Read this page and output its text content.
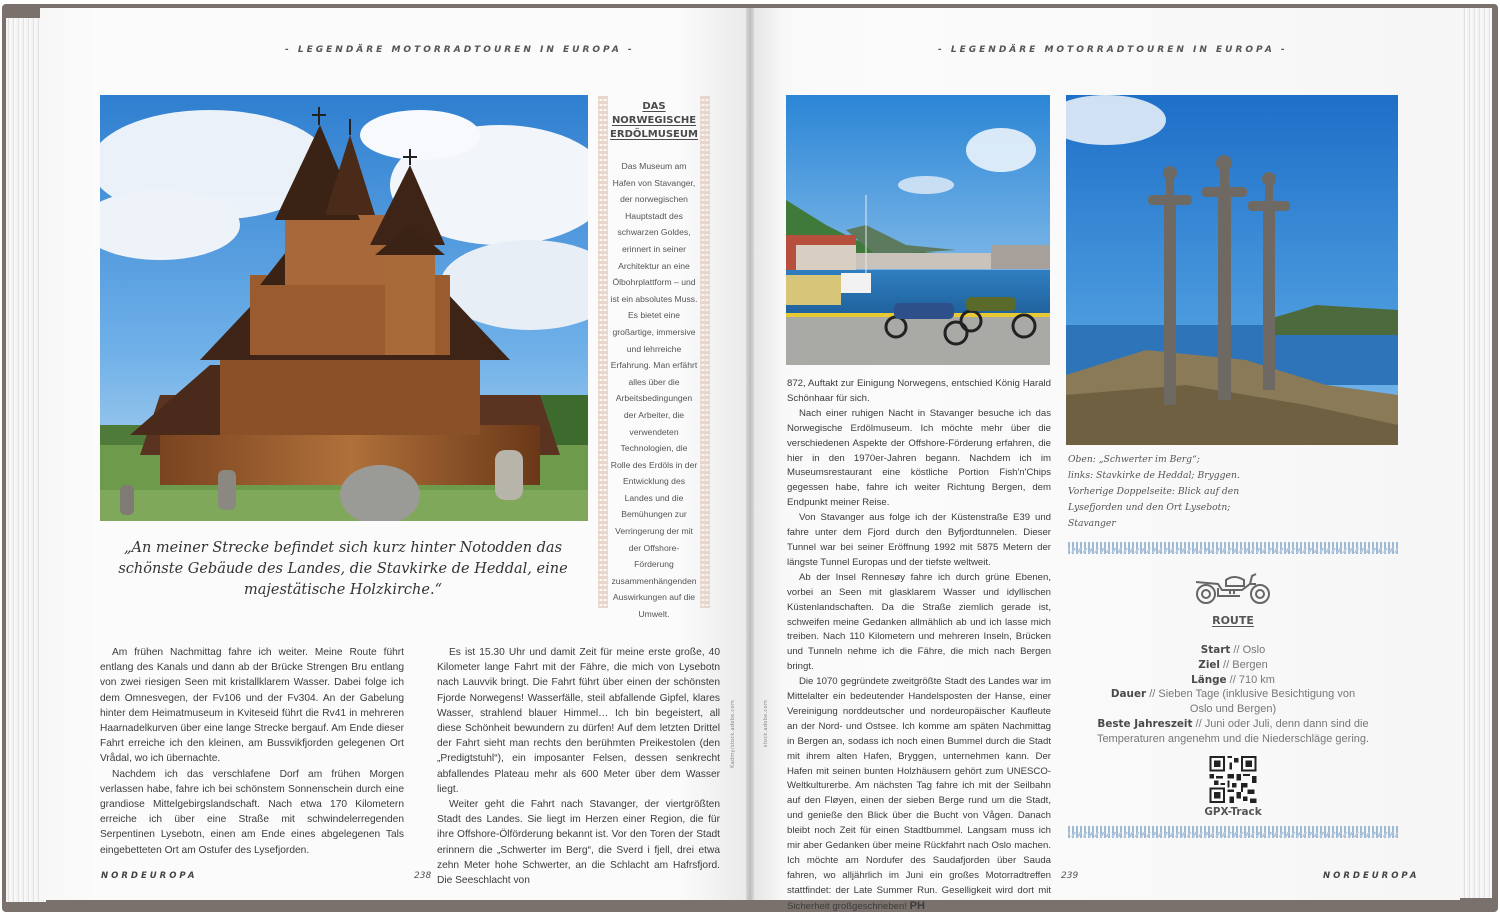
- LEGENDÄRE MOTORRADTOUREN IN EUROPA -	- LEGENDÄRE MOTORRADTOUREN IN EUROPA -
DAS
NORWEGISCHE
ERDÖLMUSEUM
Das Museum am Hafen von Stavanger, der norwegischen Hauptstadt des schwarzen Goldes, erinnert in seiner Architektur an eine Ölbohrplattform – und ist ein absolutes Muss. Es bietet eine großartige, immersive und lehrreiche Erfahrung. Man erfährt alles über die Arbeitsbedingungen der Arbeiter, die verwendeten Technologien, die Rolle des Erdöls in der Entwicklung des Landes und die Bemühungen zur Verringerung der mit der Offshore-Förderung zusammenhängenden Auswirkungen auf die Umwelt.
„An meiner Strecke befindet sich kurz hinter Notodden das schönste Gebäude des Landes, die Stavkirke de Heddal, eine majestätische Holzkirche.“

Am frühen Nachmittag fahre ich weiter. Meine Route führt entlang des Kanals und dann ab der Brücke Strengen Bru entlang von zwei riesigen Seen mit kristallklarem Wasser. Dabei folge ich dem Omnesvegen, der Fv106 und der Fv304. An der Gabelung hinter dem Heimatmuseum in Kviteseid führt die Rv41 in mehreren Haarnadelkurven über eine lange Strecke bergauf. Am Ende dieser Fahrt erreiche ich den kleinen, am Bussvikfjorden gelegenen Ort Vrådal, wo ich übernachte.

Nachdem ich das verschlafene Dorf am frühen Morgen verlassen habe, fahre ich bei schönstem Sonnenschein durch eine grandiose Mittelgebirgslandschaft. Nach etwa 170 Kilometern erreiche ich über eine Straße mit schwindelerregenden Serpentinen Lysebotn, einen am Ende eines abgelegenen Tals eingebetteten Ort am Ostufer des Lysefjorden.

Es ist 15.30 Uhr und damit Zeit für meine erste große, 40 Kilometer lange Fahrt mit der Fähre, die mich von Lysebotn nach Lauvvik bringt. Die Fahrt führt über einen der schönsten Fjorde Norwegens! Wasserfälle, steil abfallende Gipfel, klares Wasser, strahlend blauer Himmel… Ich bin begeistert, all diese Schönheit bewundern zu dürfen! Auf dem letzten Drittel der Fahrt sieht man rechts den berühmten Preikestolen (den „Predigtstuhl“), ein imposanter Felsen, dessen senkrecht abfallendes Plateau mehr als 600 Meter über dem Wasser liegt.

Weiter geht die Fahrt nach Stavanger, der viertgrößten Stadt des Landes. Sie liegt im Herzen einer Region, die für ihre Offshore-Ölförderung bekannt ist. Vor den Toren der Stadt erinnern die „Schwerter im Berg“, die Sverd i fjell, drei etwa zehn Meter hohe Schwerter, an die Schlacht am Hafrsfjord. Die Seeschlacht von

Kadmy/stock.adobe.com	stock.adobe.com
NORDEUROPA	238

872, Auftakt zur Einigung Norwegens, entschied König Harald Schönhaar für sich.

Nach einer ruhigen Nacht in Stavanger besuche ich das Norwegische Erdölmuseum. Ich möchte mehr über die verschiedenen Aspekte der Offshore-Förderung erfahren, die hier in den 1970er-Jahren begann. Nachdem ich im Museumsrestaurant eine köstliche Portion Fish'n'Chips gegessen habe, fahre ich weiter Richtung Bergen, dem Endpunkt meiner Reise.

Von Stavanger aus folge ich der Küstenstraße E39 und fahre unter dem Fjord durch den Byfjordtunnelen. Dieser Tunnel war bei seiner Eröffnung 1992 mit 5875 Metern der längste Tunnel Europas und der tiefste weltweit.

Ab der Insel Rennesøy fahre ich durch grüne Ebenen, vorbei an Seen mit glasklarem Wasser und idyllischen Küstenlandschaften. Da die Straße ziemlich gerade ist, schweifen meine Gedanken allmählich ab und ich lasse mich treiben. Nach 110 Kilometern und mehreren Inseln, Brücken und Tunneln nehme ich die Fähre, die mich nach Bergen bringt.

Die 1070 gegründete zweitgrößte Stadt des Landes war im Mittelalter ein bedeutender Handelsposten der Hanse, einer Vereinigung norddeutscher und nordeuropäischer Kaufleute an der Nord- und Ostsee. Ich komme am späten Nachmittag in Bergen an, sodass ich noch einen Bummel durch die Stadt mit ihrem alten Hafen, Bryggen, unternehmen kann. Der Hafen mit seinen bunten Holzhäusern gehört zum UNESCO-Weltkulturerbe. Am nächsten Tag fahre ich mit der Seilbahn auf den Fløyen, einen der sieben Berge rund um die Stadt, und genieße den Blick über die Bucht von Vågen. Danach bleibt noch Zeit für einen Stadtbummel. Langsam muss ich mir aber Gedanken über meine Rückfahrt nach Oslo machen. Ich möchte am Nordufer des Saudafjorden über Sauda fahren, wo alljährlich im Juni ein großes Motorradtreffen stattfindet: der Late Summer Run. Geselligkeit wird dort mit Sicherheit großgeschrieben! PH

Oben: „Schwerter im Berg“;
links: Stavkirke de Heddal; Bryggen.
Vorherige Doppelseite: Blick auf den
Lysefjorden und den Ort Lysebotn;
Stavanger
ROUTE
Start // Oslo
Ziel // Bergen
Länge // 710 km
Dauer // Sieben Tage (inklusive Besichtigung von Oslo und Bergen)
Beste Jahreszeit // Juni oder Juli, denn dann sind die Temperaturen angenehm und die Niederschläge gering.
GPX-Track
239	NORDEUROPA
